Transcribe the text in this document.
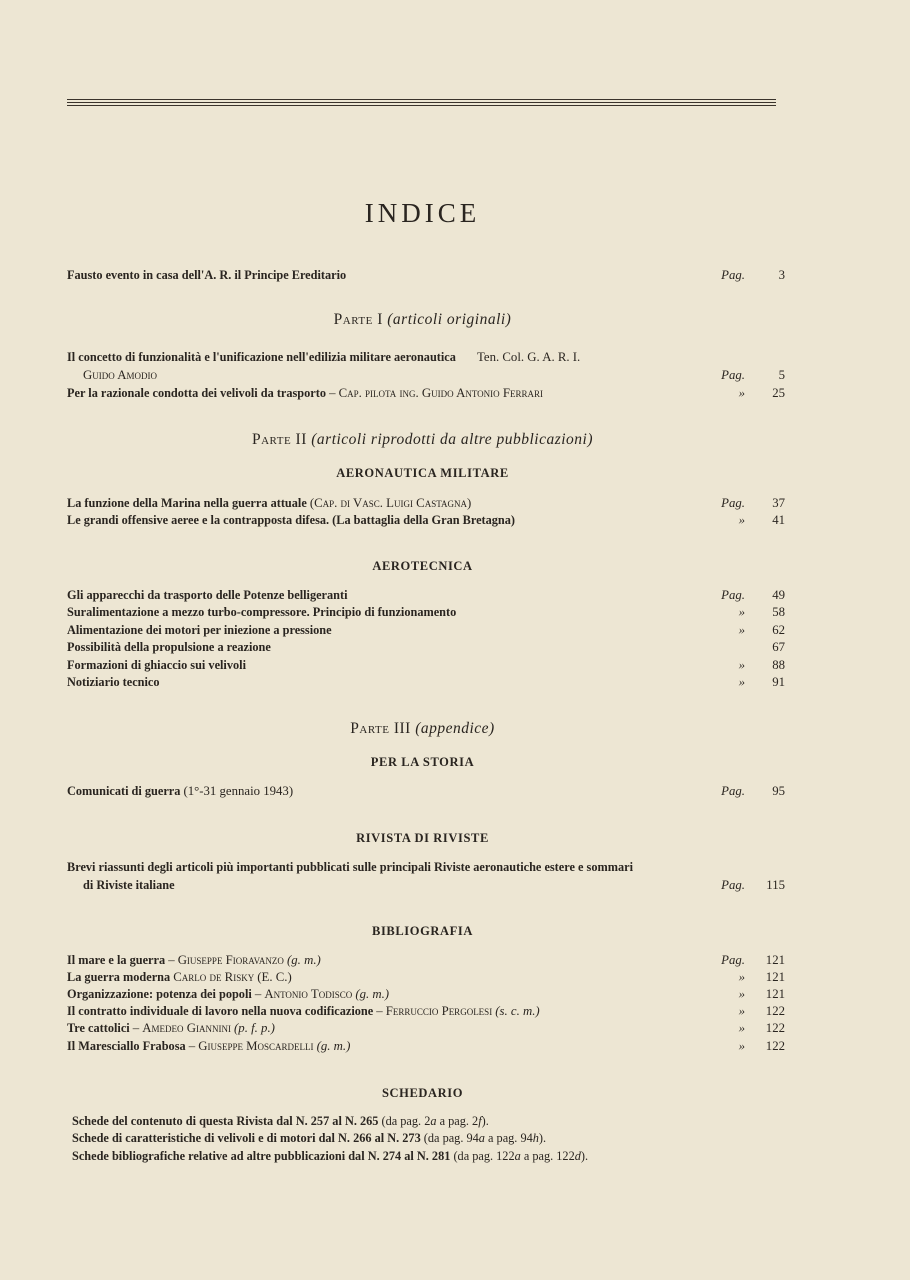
INDICE
Fausto evento in casa dell'A. R. il Principe Ereditario	Pag.	3
Parte I (articoli originali)
Il concetto di funzionalità e l'unificazione nell'edilizia militare aeronautica Ten. Col. G. A. R. I.
Guido Amodio	Pag.	5
Per la razionale condotta dei velivoli da trasporto – Cap. pilota ing. Guido Antonio Ferrari	»	25
Parte II (articoli riprodotti da altre pubblicazioni)
AERONAUTICA MILITARE
La funzione della Marina nella guerra attuale (Cap. di Vasc. Luigi Castagna)	Pag.	37
Le grandi offensive aeree e la contrapposta difesa. (La battaglia della Gran Bretagna)	»	41
AEROTECNICA
Gli apparecchi da trasporto delle Potenze belligeranti	Pag.	49
Suralimentazione a mezzo turbo-compressore. Principio di funzionamento	»	58
Alimentazione dei motori per iniezione a pressione	»	62
Possibilità della propulsione a reazione	67
Formazioni di ghiaccio sui velivoli	»	88
Notiziario tecnico	»	91
Parte III (appendice)
PER LA STORIA
Comunicati di guerra (1°-31 gennaio 1943)	Pag.	95
RIVISTA DI RIVISTE
Brevi riassunti degli articoli più importanti pubblicati sulle principali Riviste aeronautiche estere e sommari
di Riviste italiane	Pag.	115
BIBLIOGRAFIA
Il mare e la guerra – Giuseppe Fioravanzo (g. m.)	Pag.	121
La guerra moderna Carlo de Risky (E. C.)	»	121
Organizzazione: potenza dei popoli – Antonio Todisco (g. m.)	»	121
Il contratto individuale di lavoro nella nuova codificazione – Ferruccio Pergolesi (s. c. m.)	»	122
Tre cattolici – Amedeo Giannini (p. f. p.)	»	122
Il Maresciallo Frabosa – Giuseppe Moscardelli (g. m.)	»	122
SCHEDARIO
Schede del contenuto di questa Rivista dal N. 257 al N. 265 (da pag. 2a a pag. 2f).
Schede di caratteristiche di velivoli e di motori dal N. 266 al N. 273 (da pag. 94a a pag. 94h).
Schede bibliografiche relative ad altre pubblicazioni dal N. 274 al N. 281 (da pag. 122a a pag. 122d).
